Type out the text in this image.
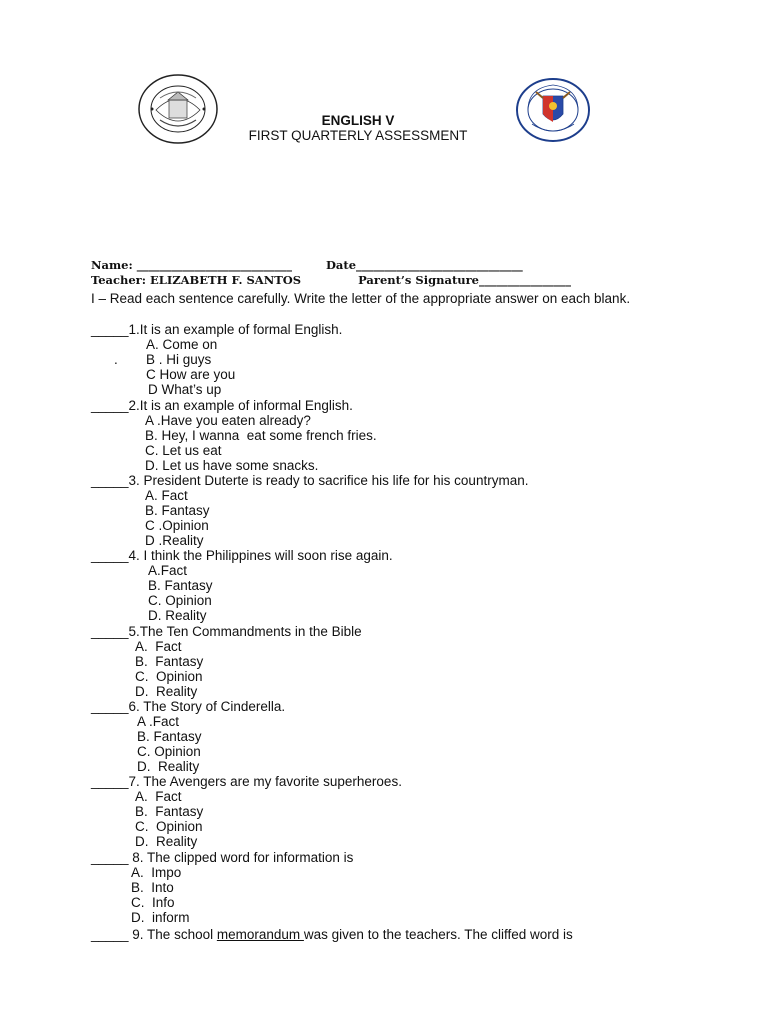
ENGLISH V
FIRST QUARTERLY ASSESSMENT
Name: ___________________________	Date_____________________________
Teacher: ELIZABETH F. SANTOS	Parent’s Signature________________
I – Read each sentence carefully. Write the letter of the appropriate answer on each blank.
_____1.It is an example of formal English.
A. Come on
B . Hi guys
C How are you
D What’s up
.
_____2.It is an example of informal English.
A .Have you eaten already?
B. Hey, I wanna  eat some french fries.
C. Let us eat
D. Let us have some snacks.
_____3. President Duterte is ready to sacrifice his life for his countryman.
A. Fact
B. Fantasy
C .Opinion
D .Reality
_____4. I think the Philippines will soon rise again.
A.Fact
B. Fantasy
C. Opinion
D. Reality
_____5.The Ten Commandments in the Bible
A.  Fact
B.  Fantasy
C.  Opinion
D.  Reality
_____6. The Story of Cinderella.
A .Fact
B. Fantasy
C. Opinion
D.  Reality
_____7. The Avengers are my favorite superheroes.
A.  Fact
B.  Fantasy
C.  Opinion
D.  Reality
_____ 8. The clipped word for information is
A.  Impo
B.  Into
C.  Info
D.  inform
_____ 9. The school memorandum was given to the teachers. The cliffed word is
